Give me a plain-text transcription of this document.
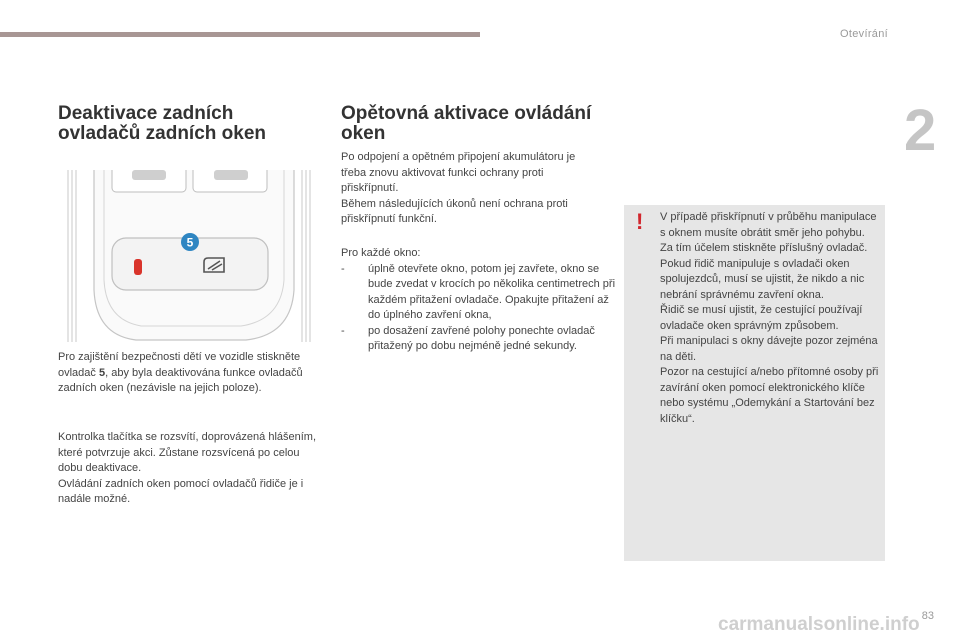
Otevírání
2
Deaktivace zadních ovladačů zadních oken
5

Pro zajištění bezpečnosti dětí ve vozidle stiskněte ovladač 5, aby byla deaktivována funkce ovladačů zadních oken (nezávisle na jejich poloze).

Kontrolka tlačítka se rozsvítí, doprovázená hlášením, které potvrzuje akci. Zůstane rozsvícená po celou dobu deaktivace.
Ovládání zadních oken pomocí ovladačů řidiče je i nadále možné.

Opětovná aktivace ovládání oken

Po odpojení a opětném připojení akumulátoru je třeba znovu aktivovat funkci ochrany proti přiskřípnutí.
Během následujících úkonů není ochrana proti přiskřípnutí funkční.

Pro každé okno:
- úplně otevřete okno, potom jej zavřete, okno se bude zvedat v krocích po několika centimetrech při každém přitažení ovladače. Opakujte přitažení až do úplného zavření okna,
- po dosažení zavřené polohy ponechte ovladač přitažený po dobu nejméně jedné sekundy.

! V případě přiskřípnutí v průběhu manipulace s oknem musíte obrátit směr jeho pohybu. Za tím účelem stiskněte příslušný ovladač.
Pokud řidič manipuluje s ovladači oken spolujezdců, musí se ujistit, že nikdo a nic nebrání správnému zavření okna.
Řidič se musí ujistit, že cestující používají ovladače oken správným způsobem.
Při manipulaci s okny dávejte pozor zejména na děti.
Pozor na cestující a/nebo přítomné osoby při zavírání oken pomocí elektronického klíče nebo systému „Odemykání a Startování bez klíčku“.

83
carmanualsonline.info
